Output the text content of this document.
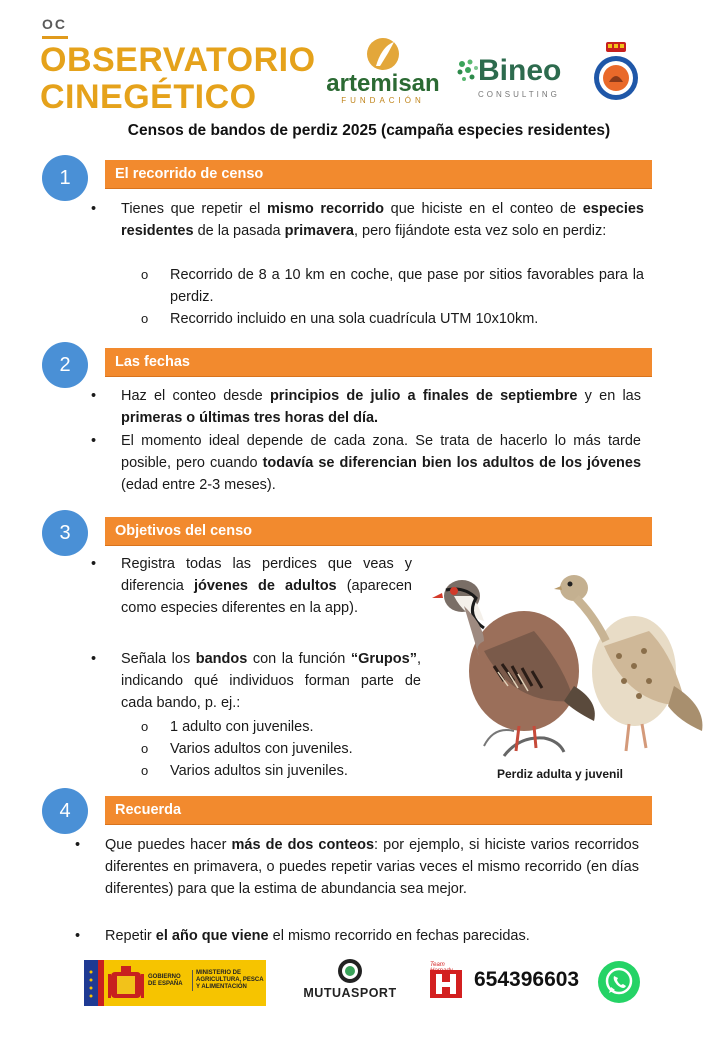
OC
OBSERVATORIO
CINEGÉTICO	artemisan
FUNDACIÓN
Bineo
CONSULTING
Censos de bandos de perdiz 2025 (campaña especies residentes)
1	El recorrido de censo
• Tienes que repetir el mismo recorrido que hiciste en el conteo de especies residentes de la pasada primavera, pero fijándote esta vez solo en perdiz:
o Recorrido de 8 a 10 km en coche, que pase por sitios favorables para la perdiz.
o Recorrido incluido en una sola cuadrícula UTM 10x10km.
2	Las fechas
• Haz el conteo desde principios de julio a finales de septiembre y en las primeras o últimas tres horas del día.
• El momento ideal depende de cada zona. Se trata de hacerlo lo más tarde posible, pero cuando todavía se diferencian bien los adultos de los jóvenes (edad entre 2-3 meses).
3	Objetivos del censo
• Registra todas las perdices que veas y diferencia jóvenes de adultos (aparecen como especies diferentes en la app).
• Señala los bandos con la función “Grupos”, indicando qué individuos forman parte de cada bando, p. ej.:
o 1 adulto con juveniles.
o Varios adultos con juveniles.
o Varios adultos sin juveniles.	Perdiz adulta y juvenil
4	Recuerda
• Que puedes hacer más de dos conteos: por ejemplo, si hiciste varios recorridos diferentes en primavera, o puedes repetir varias veces el mismo recorrido (en días diferentes) para que la estima de abundancia sea mejor.
• Repetir el año que viene el mismo recorrido en fechas parecidas.
GOBIERNO
DE ESPAÑA
MINISTERIO DE AGRICULTURA, PESCA Y ALIMENTACIÓN	MUTUASPORT
Team Hornady	654396603
